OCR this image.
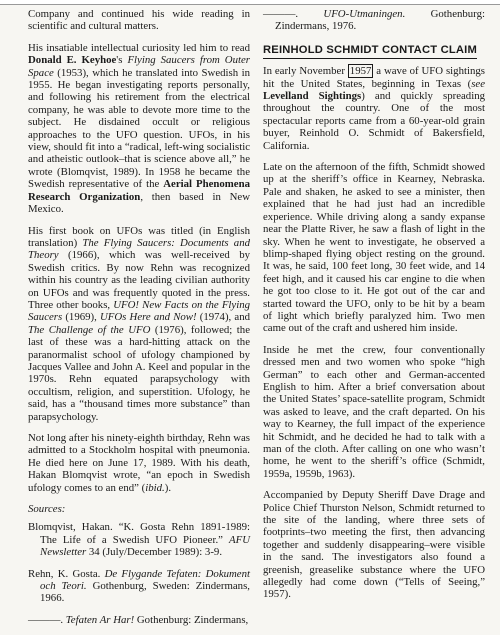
Company and continued his wide reading in scientific and cultural matters.

His insatiable intellectual curiosity led him to read Donald E. Keyhoe's Flying Saucers from Outer Space (1953), which he translated into Swedish in 1955. He began investigating reports personally, and following his retirement from the electrical company, he was able to devote more time to the subject. He disdained occult or religious approaches to the UFO question. UFOs, in his view, should fit into a “radical, left-wing socialistic and atheistic outlook–that is science above all,” he wrote (Blomqvist, 1989). In 1958 he became the Swedish representative of the Aerial Phenomena Research Organization, then based in New Mexico.

His first book on UFOs was titled (in English translation) The Flying Saucers: Documents and Theory (1966), which was well-received by Swedish critics. By now Rehn was recognized within his country as the leading civilian authority on UFOs and was frequently quoted in the press. Three other books, UFO! New Facts on the Flying Saucers (1969), UFOs Here and Now! (1974), and The Challenge of the UFO (1976), followed; the last of these was a hard-hitting attack on the paranormalist school of ufology championed by Jacques Vallee and John A. Keel and popular in the 1970s. Rehn equated parapsychology with occultism, religion, and superstition. Ufology, he said, has a “thousand times more substance” than parapsychology.

Not long after his ninety-eighth birthday, Rehn was admitted to a Stockholm hospital with pneumonia. He died here on June 17, 1989. With his death, Hakan Blomqvist wrote, “an epoch in Swedish ufology comes to an end” (ibid.).

Sources:

Blomqvist, Hakan. “K. Gosta Rehn 1891-1989: The Life of a Swedish UFO Pioneer.” AFU Newsletter 34 (July/December 1989): 3-9.

Rehn, K. Gosta. De Flygande Tefaten: Dokument och Teori. Gothenburg, Sweden: Zindermans, 1966.

———. Tefaten Ar Har! Gothenburg: Zindermans,

———. UFO-Utmaningen. Gothenburg: Zindermans, 1976.

REINHOLD SCHMIDT CONTACT CLAIM

In early November 1957 a wave of UFO sightings hit the United States, beginning in Texas (see Levelland Sightings) and quickly spreading throughout the country. One of the most spectacular reports came from a 60-year-old grain buyer, Reinhold O. Schmidt of Bakersfield, California.

Late on the afternoon of the fifth, Schmidt showed up at the sheriff’s office in Kearney, Nebraska. Pale and shaken, he asked to see a minister, then explained that he had just had an incredible experience. While driving along a sandy expanse near the Platte River, he saw a flash of light in the sky. When he went to investigate, he observed a blimp-shaped flying object resting on the ground. It was, he said, 100 feet long, 30 feet wide, and 14 feet high, and it caused his car engine to die when he got too close to it. He got out of the car and started toward the UFO, only to be hit by a beam of light which briefly paralyzed him. Two men came out of the craft and ushered him inside.

Inside he met the crew, four conventionally dressed men and two women who spoke “high German” to each other and German-accented English to him. After a brief conversation about the United States’ space-satellite program, Schmidt was asked to leave, and the craft departed. On his way to Kearney, the full impact of the experience hit Schmidt, and he decided he had to talk with a man of the cloth. After calling on one who wasn’t home, he went to the sheriff’s office (Schmidt, 1959a, 1959b, 1963).

Accompanied by Deputy Sheriff Dave Drage and Police Chief Thurston Nelson, Schmidt returned to the site of the landing, where three sets of footprints–two meeting the first, then advancing together and suddenly disappearing–were visible in the sand. The investigators also found a greenish, greaselike substance where the UFO allegedly had come down (“Tells of Seeing,” 1957).
